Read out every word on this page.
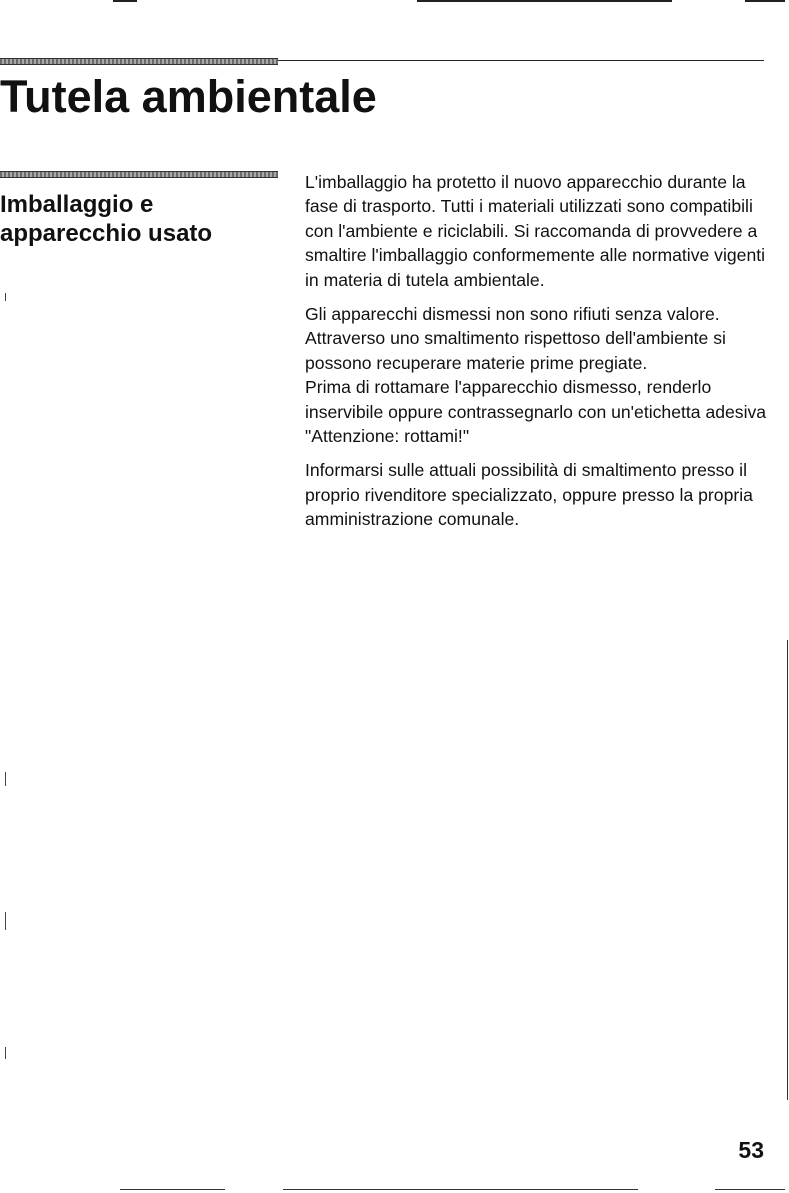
Tutela ambientale
Imballaggio e
apparecchio usato

L'imballaggio ha protetto il nuovo apparecchio durante la fase di trasporto. Tutti i materiali utilizzati sono compatibili con l'ambiente e riciclabili. Si raccomanda di provvedere a smaltire l'imballaggio conformemente alle normative vigenti in materia di tutela ambientale.

Gli apparecchi dismessi non sono rifiuti senza valore. Attraverso uno smaltimento rispettoso dell'ambiente si possono recuperare materie prime pregiate.
Prima di rottamare l'apparecchio dismesso, renderlo inservibile oppure contrassegnarlo con un'etichetta adesiva "Attenzione: rottami!"

Informarsi sulle attuali possibilità di smaltimento presso il proprio rivenditore specializzato, oppure presso la propria amministrazione comunale.

53
